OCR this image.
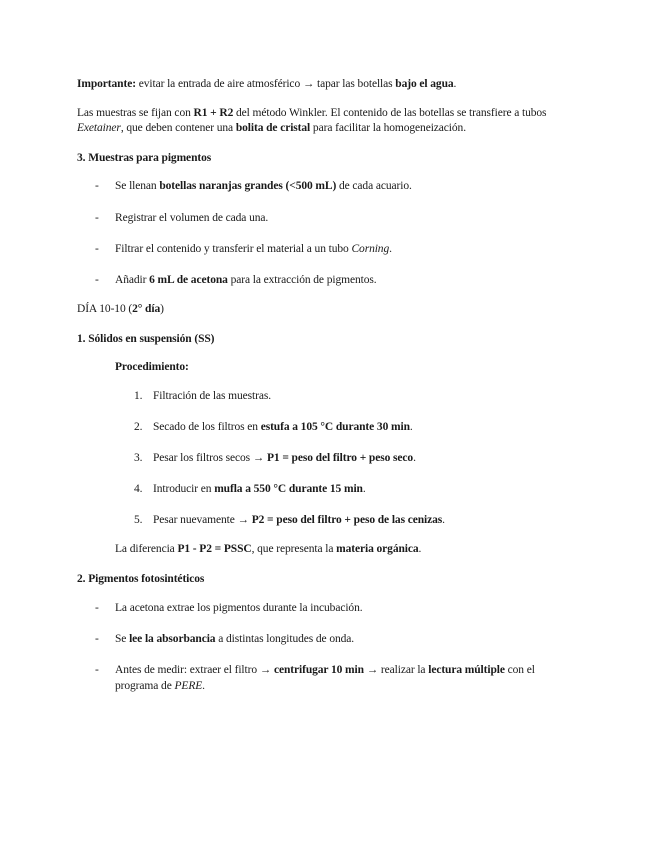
Importante: evitar la entrada de aire atmosférico → tapar las botellas bajo el agua.
Las muestras se fijan con R1 + R2 del método Winkler. El contenido de las botellas se transfiere a tubos
Exetainer, que deben contener una bolita de cristal para facilitar la homogeneización.
3. Muestras para pigmentos
- Se llenan botellas naranjas grandes (<500 mL) de cada acuario.
- Registrar el volumen de cada una.
- Filtrar el contenido y transferir el material a un tubo Corning.
- Añadir 6 mL de acetona para la extracción de pigmentos.
DÍA 10-10 (2° día)
1. Sólidos en suspensión (SS)
Procedimiento:
1. Filtración de las muestras.
2. Secado de los filtros en estufa a 105 °C durante 30 min.
3. Pesar los filtros secos → P1 = peso del filtro + peso seco.
4. Introducir en mufla a 550 °C durante 15 min.
5. Pesar nuevamente → P2 = peso del filtro + peso de las cenizas.
La diferencia P1 - P2 = PSSC, que representa la materia orgánica.
2. Pigmentos fotosintéticos
- La acetona extrae los pigmentos durante la incubación.
- Se lee la absorbancia a distintas longitudes de onda.
- Antes de medir: extraer el filtro → centrifugar 10 min → realizar la lectura múltiple con el
programa de PERE.
